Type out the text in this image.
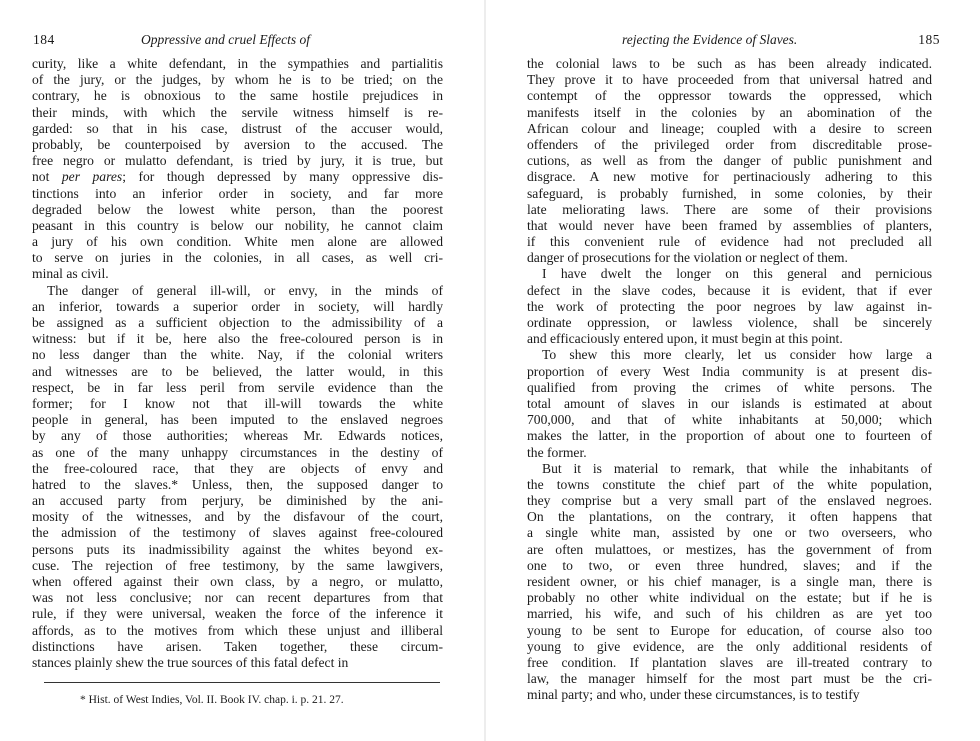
184	Oppressive and cruel Effects of
curity, like a white defendant, in the sympathies and partialitis
of the jury, or the judges, by whom he is to be tried; on the
contrary, he is obnoxious to the same hostile prejudices in
their minds, with which the servile witness himself is re-
garded: so that in his case, distrust of the accuser would,
probably, be counterpoised by aversion to the accused. The
free negro or mulatto defendant, is tried by jury, it is true, but
not per pares; for though depressed by many oppressive dis-
tinctions into an inferior order in society, and far more
degraded below the lowest white person, than the poorest
peasant in this country is below our nobility, he cannot claim
a jury of his own condition. White men alone are allowed
to serve on juries in the colonies, in all cases, as well cri-
minal as civil.
The danger of general ill-will, or envy, in the minds of
an inferior, towards a superior order in society, will hardly
be assigned as a sufficient objection to the admissibility of a
witness: but if it be, here also the free-coloured person is in
no less danger than the white. Nay, if the colonial writers
and witnesses are to be believed, the latter would, in this
respect, be in far less peril from servile evidence than the
former; for I know not that ill-will towards the white
people in general, has been imputed to the enslaved negroes
by any of those authorities; whereas Mr. Edwards notices,
as one of the many unhappy circumstances in the destiny of
the free-coloured race, that they are objects of envy and
hatred to the slaves.* Unless, then, the supposed danger to
an accused party from perjury, be diminished by the ani-
mosity of the witnesses, and by the disfavour of the court,
the admission of the testimony of slaves against free-coloured
persons puts its inadmissibility against the whites beyond ex-
cuse. The rejection of free testimony, by the same lawgivers,
when offered against their own class, by a negro, or mulatto,
was not less conclusive; nor can recent departures from that
rule, if they were universal, weaken the force of the inference it
affords, as to the motives from which these unjust and illiberal
distinctions have arisen. Taken together, these circum-
stances plainly shew the true sources of this fatal defect in
* Hist. of West Indies, Vol. II. Book IV. chap. i. p. 21. 27.
rejecting the Evidence of Slaves.	185
the colonial laws to be such as has been already indicated.
They prove it to have proceeded from that universal hatred and
contempt of the oppressor towards the oppressed, which
manifests itself in the colonies by an abomination of the
African colour and lineage; coupled with a desire to screen
offenders of the privileged order from discreditable prose-
cutions, as well as from the danger of public punishment and
disgrace. A new motive for pertinaciously adhering to this
safeguard, is probably furnished, in some colonies, by their
late meliorating laws. There are some of their provisions
that would never have been framed by assemblies of planters,
if this convenient rule of evidence had not precluded all
danger of prosecutions for the violation or neglect of them.
I have dwelt the longer on this general and pernicious
defect in the slave codes, because it is evident, that if ever
the work of protecting the poor negroes by law against in-
ordinate oppression, or lawless violence, shall be sincerely
and efficaciously entered upon, it must begin at this point.
To shew this more clearly, let us consider how large a
proportion of every West India community is at present dis-
qualified from proving the crimes of white persons. The
total amount of slaves in our islands is estimated at about
700,000, and that of white inhabitants at 50,000; which
makes the latter, in the proportion of about one to fourteen of
the former.
But it is material to remark, that while the inhabitants of
the towns constitute the chief part of the white population,
they comprise but a very small part of the enslaved negroes.
On the plantations, on the contrary, it often happens that
a single white man, assisted by one or two overseers, who
are often mulattoes, or mestizes, has the government of from
one to two, or even three hundred, slaves; and if the
resident owner, or his chief manager, is a single man, there is
probably no other white individual on the estate; but if he is
married, his wife, and such of his children as are yet too
young to be sent to Europe for education, of course also too
young to give evidence, are the only additional residents of
free condition. If plantation slaves are ill-treated contrary to
law, the manager himself for the most part must be the cri-
minal party; and who, under these circumstances, is to testify
